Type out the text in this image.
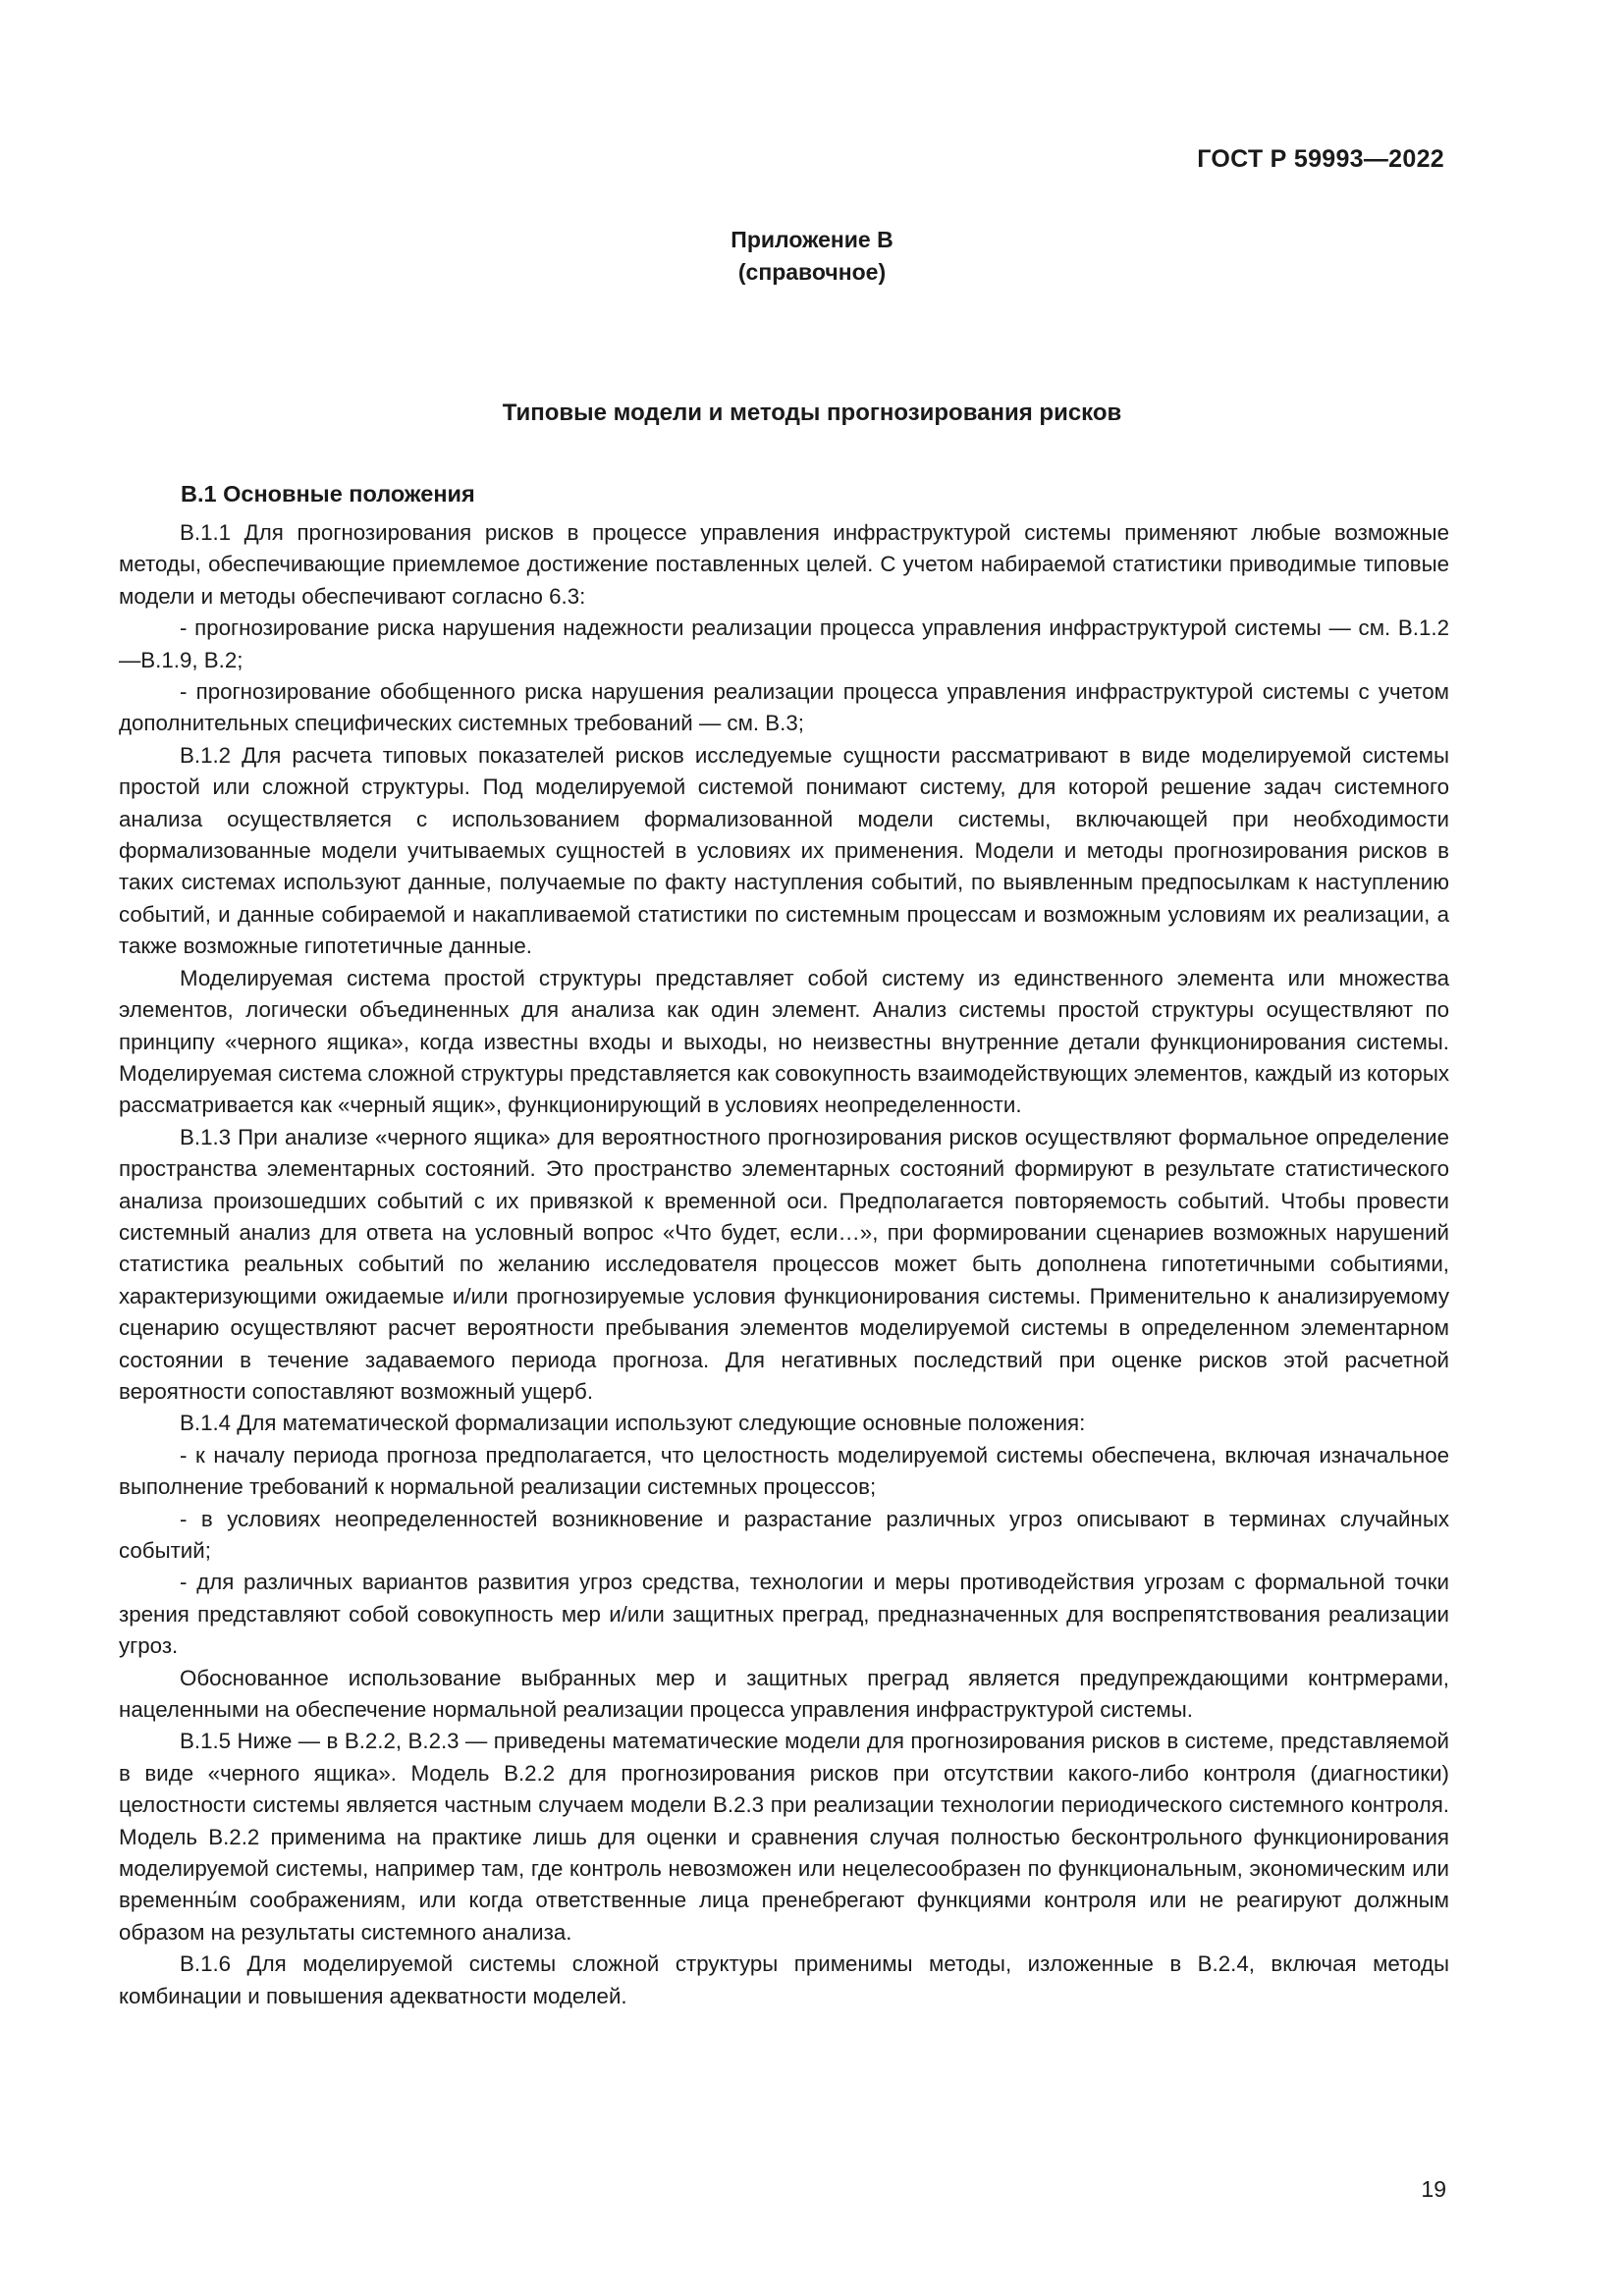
ГОСТ Р 59993—2022
Приложение В
(справочное)
Типовые модели и методы прогнозирования рисков
В.1 Основные положения

В.1.1 Для прогнозирования рисков в процессе управления инфраструктурой системы применяют любые возможные методы, обеспечивающие приемлемое достижение поставленных целей. С учетом набираемой статистики приводимые типовые модели и методы обеспечивают согласно 6.3:

- прогнозирование риска нарушения надежности реализации процесса управления инфраструктурой системы — см. В.1.2—В.1.9, В.2;

- прогнозирование обобщенного риска нарушения реализации процесса управления инфраструктурой системы с учетом дополнительных специфических системных требований — см. В.3;

В.1.2 Для расчета типовых показателей рисков исследуемые сущности рассматривают в виде моделируемой системы простой или сложной структуры. Под моделируемой системой понимают систему, для которой решение задач системного анализа осуществляется с использованием формализованной модели системы, включающей при необходимости формализованные модели учитываемых сущностей в условиях их применения. Модели и методы прогнозирования рисков в таких системах используют данные, получаемые по факту наступления событий, по выявленным предпосылкам к наступлению событий, и данные собираемой и накапливаемой статистики по системным процессам и возможным условиям их реализации, а также возможные гипотетичные данные.

Моделируемая система простой структуры представляет собой систему из единственного элемента или множества элементов, логически объединенных для анализа как один элемент. Анализ системы простой структуры осуществляют по принципу «черного ящика», когда известны входы и выходы, но неизвестны внутренние детали функционирования системы. Моделируемая система сложной структуры представляется как совокупность взаимодействующих элементов, каждый из которых рассматривается как «черный ящик», функционирующий в условиях неопределенности.

В.1.3 При анализе «черного ящика» для вероятностного прогнозирования рисков осуществляют формальное определение пространства элементарных состояний. Это пространство элементарных состояний формируют в результате статистического анализа произошедших событий с их привязкой к временной оси. Предполагается повторяемость событий. Чтобы провести системный анализ для ответа на условный вопрос «Что будет, если…», при формировании сценариев возможных нарушений статистика реальных событий по желанию исследователя процессов может быть дополнена гипотетичными событиями, характеризующими ожидаемые и/или прогнозируемые условия функционирования системы. Применительно к анализируемому сценарию осуществляют расчет вероятности пребывания элементов моделируемой системы в определенном элементарном состоянии в течение задаваемого периода прогноза. Для негативных последствий при оценке рисков этой расчетной вероятности сопоставляют возможный ущерб.

В.1.4 Для математической формализации используют следующие основные положения:

- к началу периода прогноза предполагается, что целостность моделируемой системы обеспечена, включая изначальное выполнение требований к нормальной реализации системных процессов;

- в условиях неопределенностей возникновение и разрастание различных угроз описывают в терминах случайных событий;

- для различных вариантов развития угроз средства, технологии и меры противодействия угрозам с формальной точки зрения представляют собой совокупность мер и/или защитных преград, предназначенных для воспрепятствования реализации угроз.

Обоснованное использование выбранных мер и защитных преград является предупреждающими контрмерами, нацеленными на обеспечение нормальной реализации процесса управления инфраструктурой системы.

В.1.5 Ниже — в В.2.2, В.2.3 — приведены математические модели для прогнозирования рисков в системе, представляемой в виде «черного ящика». Модель В.2.2 для прогнозирования рисков при отсутствии какого-либо контроля (диагностики) целостности системы является частным случаем модели В.2.3 при реализации технологии периодического системного контроля. Модель В.2.2 применима на практике лишь для оценки и сравнения случая полностью бесконтрольного функционирования моделируемой системы, например там, где контроль невозможен или нецелесообразен по функциональным, экономическим или временны́м соображениям, или когда ответственные лица пренебрегают функциями контроля или не реагируют должным образом на результаты системного анализа.

В.1.6 Для моделируемой системы сложной структуры применимы методы, изложенные в В.2.4, включая методы комбинации и повышения адекватности моделей.

19
